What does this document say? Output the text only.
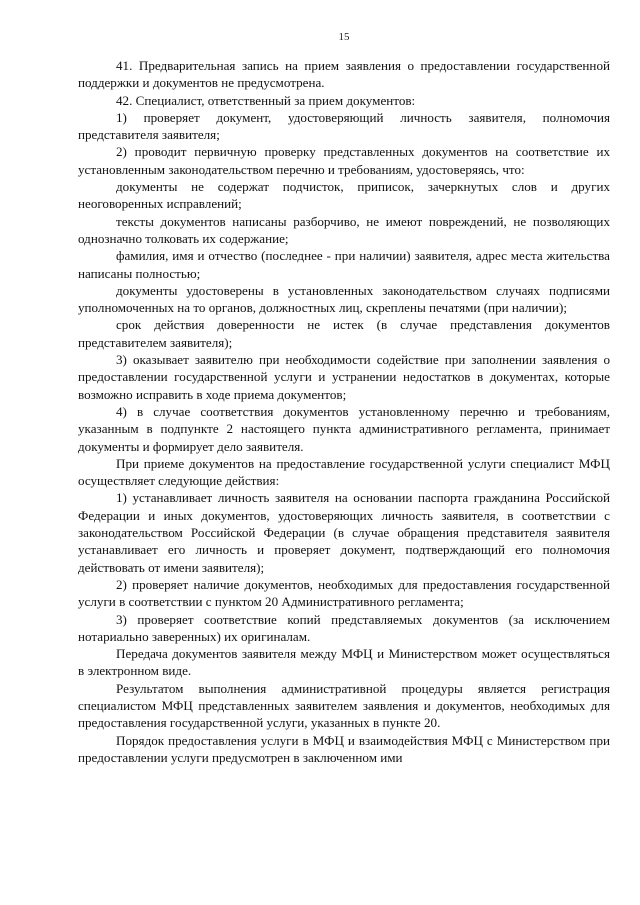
15

41. Предварительная запись на прием заявления о предоставлении государственной поддержки и документов не предусмотрена.

42. Специалист, ответственный за прием документов:

1) проверяет документ, удостоверяющий личность заявителя, полномочия представителя заявителя;

2) проводит первичную проверку представленных документов на соответствие их установленным законодательством перечню и требованиям, удостоверяясь, что:

документы не содержат подчисток, приписок, зачеркнутых слов и других неоговоренных исправлений;

тексты документов написаны разборчиво, не имеют повреждений, не позволяющих однозначно толковать их содержание;

фамилия, имя и отчество (последнее - при наличии) заявителя, адрес места жительства написаны полностью;

документы удостоверены в установленных законодательством случаях подписями уполномоченных на то органов, должностных лиц, скреплены печатями (при наличии);

срок действия доверенности не истек (в случае представления документов представителем заявителя);

3) оказывает заявителю при необходимости содействие при заполнении заявления о предоставлении государственной услуги и устранении недостатков в документах, которые возможно исправить в ходе приема документов;

4) в случае соответствия документов установленному перечню и требованиям, указанным в подпункте 2 настоящего пункта административного регламента, принимает документы и формирует дело заявителя.

При приеме документов на предоставление государственной услуги специалист МФЦ осуществляет следующие действия:

1) устанавливает личность заявителя на основании паспорта гражданина Российской Федерации и иных документов, удостоверяющих личность заявителя, в соответствии с законодательством Российской Федерации (в случае обращения представителя заявителя устанавливает его личность и проверяет документ, подтверждающий его полномочия действовать от имени заявителя);

2) проверяет наличие документов, необходимых для предоставления государственной услуги в соответствии с пунктом 20 Административного регламента;

3) проверяет соответствие копий представляемых документов (за исключением нотариально заверенных) их оригиналам.

Передача документов заявителя между МФЦ и Министерством может осуществляться в электронном виде.

Результатом выполнения административной процедуры является регистрация специалистом МФЦ представленных заявителем заявления и документов, необходимых для предоставления государственной услуги, указанных в пункте 20.

Порядок предоставления услуги в МФЦ и взаимодействия МФЦ с Министерством при предоставлении услуги предусмотрен в заключенном ими
